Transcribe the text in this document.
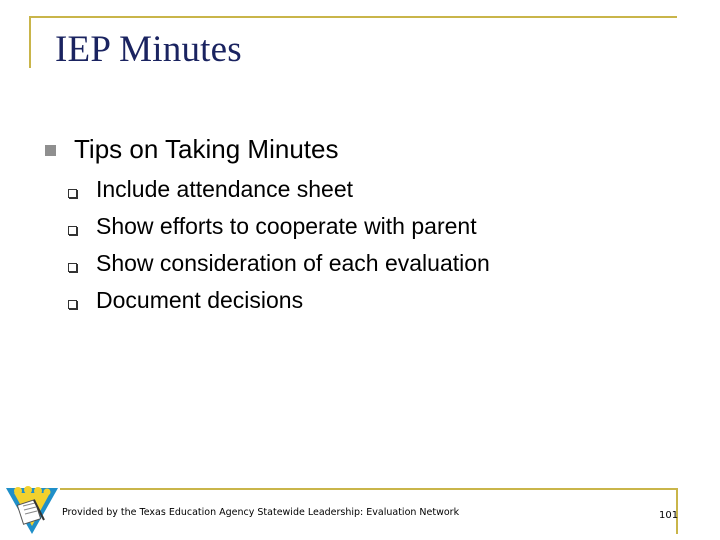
IEP Minutes
Tips on Taking Minutes
Include attendance sheet
Show efforts to cooperate with parent
Show consideration of each evaluation
Document decisions
Provided by the Texas Education Agency Statewide Leadership: Evaluation Network	101
